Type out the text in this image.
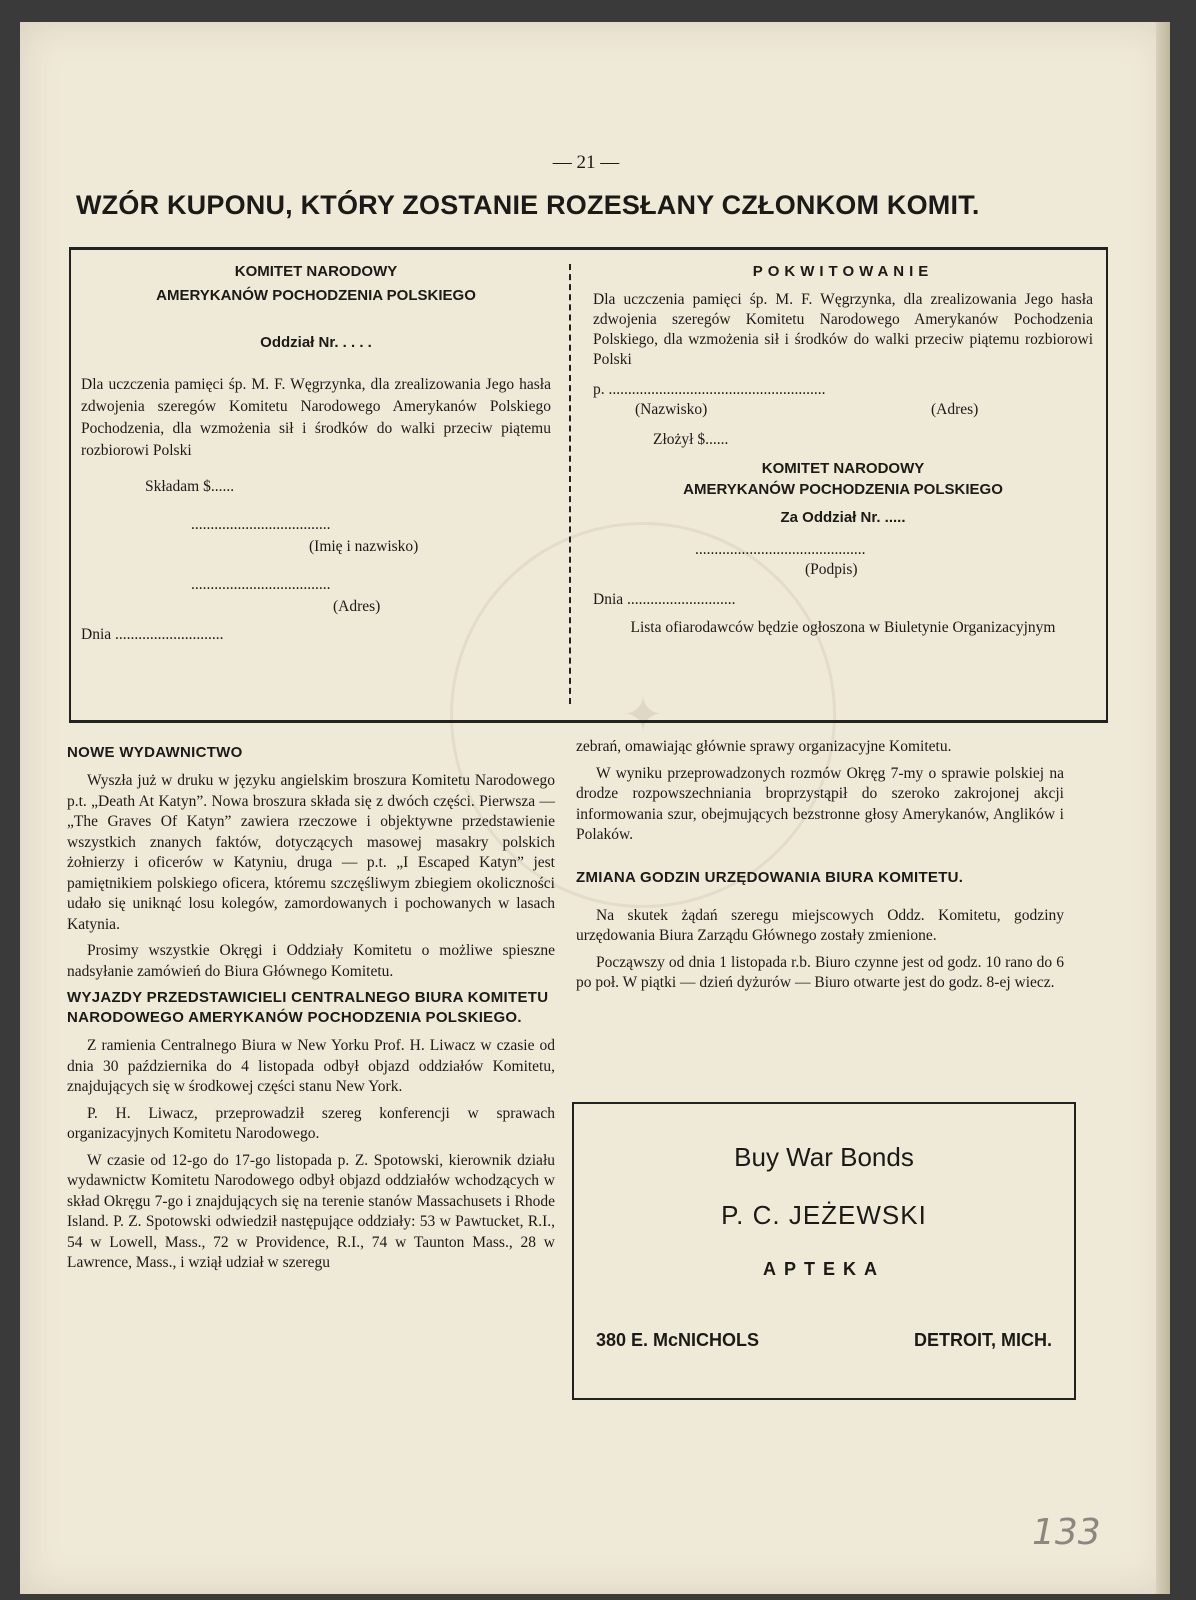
✦
— 21 —
WZÓR KUPONU, KTÓRY ZOSTANIE ROZESŁANY CZŁONKOM KOMIT.
KOMITET NARODOWY
AMERYKANÓW POCHODZENIA POLSKIEGO
Oddział Nr. . . . .
Dla uczczenia pamięci śp. M. F. Węgrzynka, dla zrealizowania Jego hasła zdwojenia szeregów Komitetu Narodowego Amerykanów Polskiego Pochodzenia, dla wzmożenia sił i środków do walki przeciw piątemu rozbiorowi Polski
Składam $......
....................................
(Imię i nazwisko)
....................................
(Adres)
Dnia ............................
POKWITOWANIE
Dla uczczenia pamięci śp. M. F. Węgrzynka, dla zrealizowania Jego hasła zdwojenia szeregów Komitetu Narodowego Amerykanów Pochodzenia Polskiego, dla wzmożenia sił i środków do walki przeciw piątemu rozbiorowi Polski
p. ........................................................
(Nazwisko)	(Adres)
Złożył $......
KOMITET NARODOWY
AMERYKANÓW POCHODZENIA POLSKIEGO
Za Oddział Nr. .....
............................................
(Podpis)
Dnia ............................
Lista ofiarodawców będzie ogłoszona w Biuletynie Organizacyjnym
NOWE WYDAWNICTWO

Wyszła już w druku w języku angielskim broszura Komitetu Narodowego p.t. „Death At Katyn”. Nowa broszura składa się z dwóch części. Pierwsza — „The Graves Of Katyn” zawiera rzeczowe i objektywne przedstawienie wszystkich znanych faktów, dotyczących masowej masakry polskich żołnierzy i oficerów w Katyniu, druga — p.t. „I Escaped Katyn” jest pamiętnikiem polskiego oficera, któremu szczęśliwym zbiegiem okoliczności udało się uniknąć losu kolegów, zamordowanych i pochowanych w lasach Katynia.

Prosimy wszystkie Okręgi i Oddziały Komitetu o możliwe spieszne nadsyłanie zamówień do Biura Głównego Komitetu.

WYJAZDY PRZEDSTAWICIELI CENTRALNEGO BIURA KOMITETU NARODOWEGO AMERYKANÓW POCHODZENIA POLSKIEGO.

Z ramienia Centralnego Biura w New Yorku Prof. H. Liwacz w czasie od dnia 30 października do 4 listopada odbył objazd oddziałów Komitetu, znajdujących się w środkowej części stanu New York.

P. H. Liwacz, przeprowadził szereg konferencji w sprawach organizacyjnych Komitetu Narodowego.

W czasie od 12-go do 17-go listopada p. Z. Spotowski, kierownik działu wydawnictw Komitetu Narodowego odbył objazd oddziałów wchodzących w skład Okręgu 7-go i znajdujących się na terenie stanów Massachusets i Rhode Island. P. Z. Spotowski odwiedził następujące oddziały: 53 w Pawtucket, R.I., 54 w Lowell, Mass., 72 w Providence, R.I., 74 w Taunton Mass., 28 w Lawrence, Mass., i wziął udział w szeregu

zebrań, omawiając głównie sprawy organizacyjne Komitetu.

W wyniku przeprowadzonych rozmów Okręg 7-my o sprawie polskiej na drodze rozpowszechniania broprzystąpił do szeroko zakrojonej akcji informowania szur, obejmujących bezstronne głosy Amerykanów, Anglików i Polaków.

ZMIANA GODZIN URZĘDOWANIA BIURA KOMITETU.

Na skutek żądań szeregu miejscowych Oddz. Komitetu, godziny urzędowania Biura Zarządu Głównego zostały zmienione.

Począwszy od dnia 1 listopada r.b. Biuro czynne jest od godz. 10 rano do 6 po poł. W piątki — dzień dyżurów — Biuro otwarte jest do godz. 8-ej wiecz.

Buy War Bonds
P. C. JEŻEWSKI
APTEKA
380 E. McNICHOLS	DETROIT, MICH.
133
